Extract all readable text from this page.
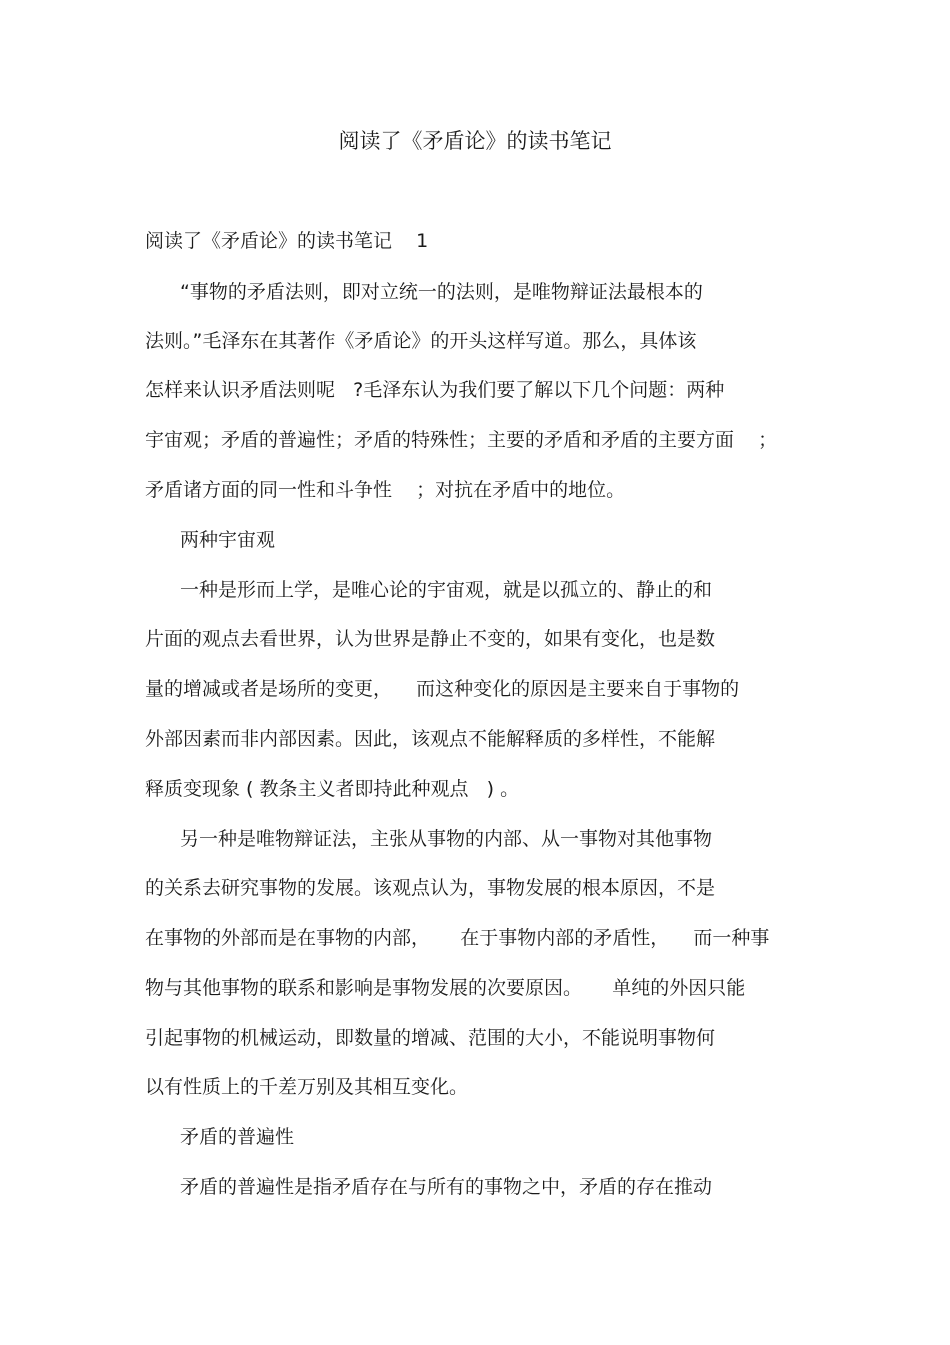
阅读了《矛盾论》的读书笔记

阅读了《矛盾论》的读书笔记    1

“事物的矛盾法则，即对立统一的法则，是唯物辩证法最根本的

法则。”毛泽东在其著作《矛盾论》的开头这样写道。那么，具体该

怎样来认识矛盾法则呢   ?毛泽东认为我们要了解以下几个问题：两种

宇宙观；矛盾的普遍性；矛盾的特殊性；主要的矛盾和矛盾的主要方面    ；

矛盾诸方面的同一性和斗争性    ；对抗在矛盾中的地位。

两种宇宙观

一种是形而上学，是唯心论的宇宙观，就是以孤立的、静止的和

片面的观点去看世界，认为世界是静止不变的，如果有变化，也是数

量的增减或者是场所的变更，    而这种变化的原因是主要来自于事物的

外部因素而非内部因素。因此，该观点不能解释质的多样性，不能解

释质变现象 ( 教条主义者即持此种观点   ) 。

另一种是唯物辩证法，主张从事物的内部、从一事物对其他事物

的关系去研究事物的发展。该观点认为，事物发展的根本原因，不是

在事物的外部而是在事物的内部，     在于事物内部的矛盾性，    而一种事

物与其他事物的联系和影响是事物发展的次要原因。     单纯的外因只能

引起事物的机械运动，即数量的增减、范围的大小，不能说明事物何

以有性质上的千差万别及其相互变化。

矛盾的普遍性

矛盾的普遍性是指矛盾存在与所有的事物之中，矛盾的存在推动
